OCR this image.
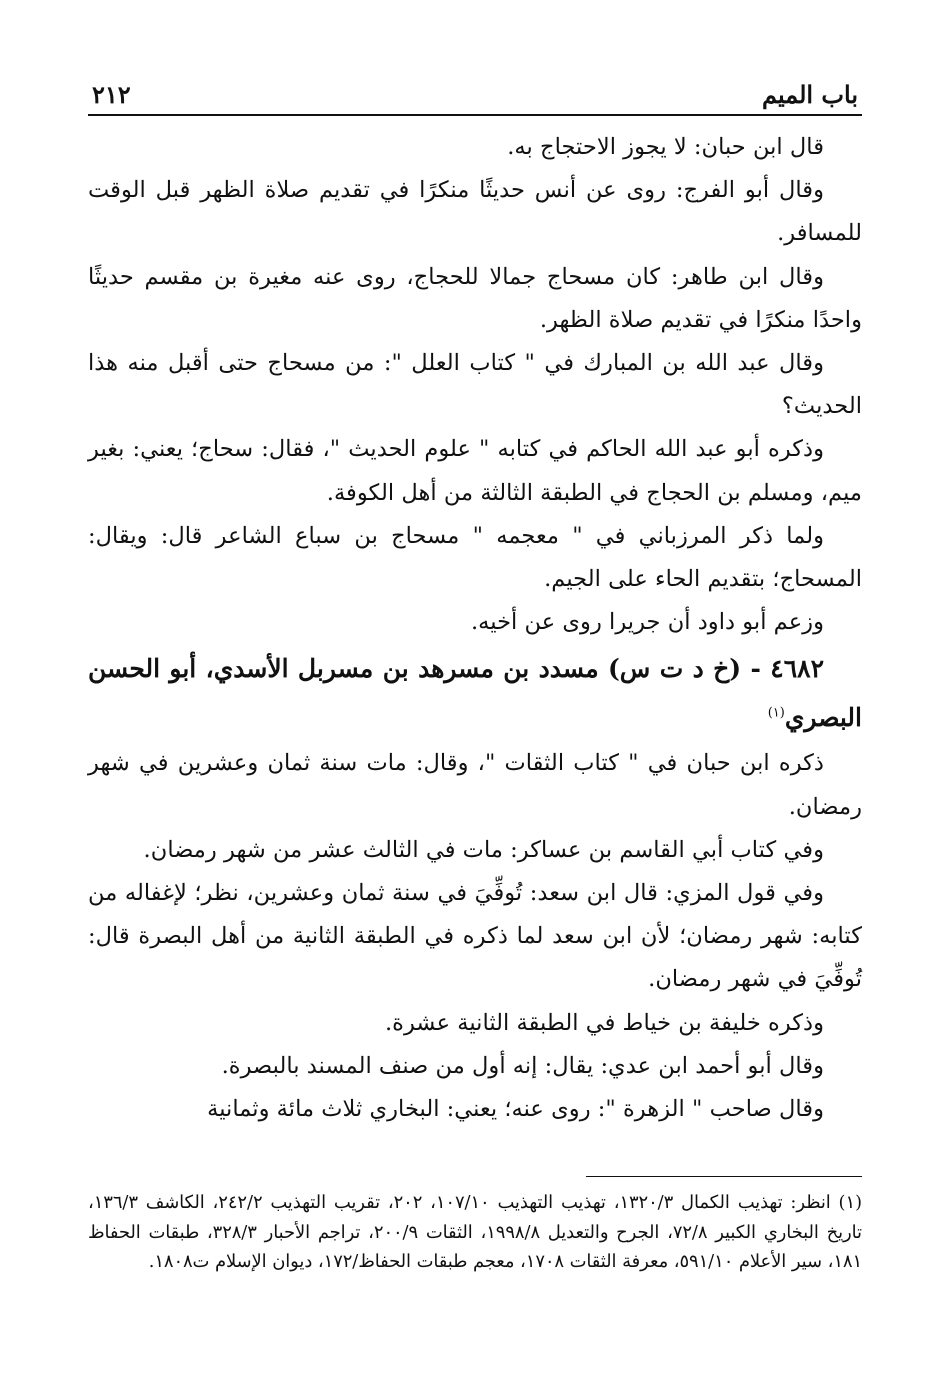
باب الميم
٢١٢

قال ابن حبان: لا يجوز الاحتجاج به.

وقال أبو الفرج: روى عن أنس حديثًا منكرًا في تقديم صلاة الظهر قبل الوقت للمسافر.

وقال ابن طاهر: كان مسحاج جمالا للحجاج، روى عنه مغيرة بن مقسم حديثًا واحدًا منكرًا في تقديم صلاة الظهر.

وقال عبد الله بن المبارك في " كتاب العلل ": من مسحاج حتى أقبل منه هذا الحديث؟

وذكره أبو عبد الله الحاكم في كتابه " علوم الحديث "، فقال: سحاج؛ يعني: بغير ميم، ومسلم بن الحجاج في الطبقة الثالثة من أهل الكوفة.

ولما ذكر المرزباني في " معجمه " مسحاج بن سباع الشاعر قال: ويقال: المسحاج؛ بتقديم الحاء على الجيم.

وزعم أبو داود أن جريرا روى عن أخيه.

٤٦٨٢ - (خ د ت س) مسدد بن مسرهد بن مسربل الأسدي، أبو الحسن البصري$^{(١)}$

ذكره ابن حبان في " كتاب الثقات "، وقال: مات سنة ثمان وعشرين في شهر رمضان.

وفي كتاب أبي القاسم بن عساكر: مات في الثالث عشر من شهر رمضان.

وفي قول المزي: قال ابن سعد: تُوفِّيَ في سنة ثمان وعشرين، نظر؛ لإغفاله من كتابه: شهر رمضان؛ لأن ابن سعد لما ذكره في الطبقة الثانية من أهل البصرة قال: تُوفِّيَ في شهر رمضان.

وذكره خليفة بن خياط في الطبقة الثانية عشرة.

وقال أبو أحمد ابن عدي: يقال: إنه أول من صنف المسند بالبصرة.

وقال صاحب " الزهرة ": روى عنه؛ يعني: البخاري ثلاث مائة وثمانية

(١) انظر: تهذيب الكمال ١٣٢٠/٣، تهذيب التهذيب ١٠٧/١٠، ٢٠٢، تقريب التهذيب ٢٤٢/٢، الكاشف ١٣٦/٣، تاريخ البخاري الكبير ٧٢/٨، الجرح والتعديل ١٩٩٨/٨، الثقات ٢٠٠/٩، تراجم الأحبار ٣٢٨/٣، طبقات الحفاظ ١٨١، سير الأعلام ٥٩١/١٠، معرفة الثقات ١٧٠٨، معجم طبقات الحفاظ/١٧٢، ديوان الإسلام ت١٨٠٨.
